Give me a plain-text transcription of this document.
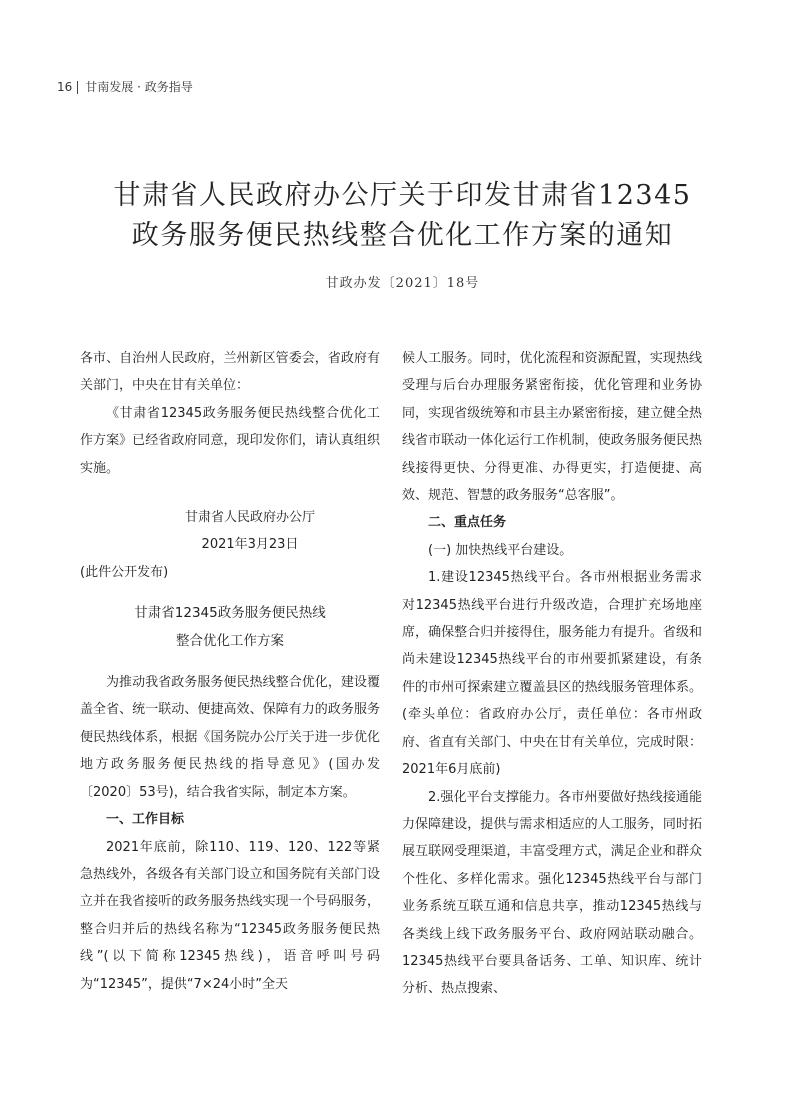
16 甘南发展 · 政务指导
甘肃省人民政府办公厅关于印发甘肃省12345
政务服务便民热线整合优化工作方案的通知
甘政办发〔2021〕18号

各市、自治州人民政府，兰州新区管委会，省政府有关部门，中央在甘有关单位：

《甘肃省12345政务服务便民热线整合优化工作方案》已经省政府同意，现印发你们，请认真组织实施。

甘肃省人民政府办公厅

2021年3月23日

(此件公开发布)

甘肃省12345政务服务便民热线

整合优化工作方案

为推动我省政务服务便民热线整合优化，建设覆盖全省、统一联动、便捷高效、保障有力的政务服务便民热线体系，根据《国务院办公厅关于进一步优化地方政务服务便民热线的指导意见》(国办发〔2020〕53号)，结合我省实际，制定本方案。

一、工作目标

2021年底前，除110、119、120、122等紧急热线外，各级各有关部门设立和国务院有关部门设立并在我省接听的政务服务热线实现一个号码服务，整合归并后的热线名称为“12345政务服务便民热线”(以下简称12345热线)，语音呼叫号码为“12345”，提供“7×24小时”全天

候人工服务。同时，优化流程和资源配置，实现热线受理与后台办理服务紧密衔接，优化管理和业务协同，实现省级统筹和市县主办紧密衔接，建立健全热线省市联动一体化运行工作机制，使政务服务便民热线接得更快、分得更准、办得更实，打造便捷、高效、规范、智慧的政务服务“总客服”。

二、重点任务

(一) 加快热线平台建设。

1.建设12345热线平台。各市州根据业务需求对12345热线平台进行升级改造，合理扩充场地座席，确保整合归并接得住，服务能力有提升。省级和尚未建设12345热线平台的市州要抓紧建设，有条件的市州可探索建立覆盖县区的热线服务管理体系。(牵头单位：省政府办公厅，责任单位：各市州政府、省直有关部门、中央在甘有关单位，完成时限：2021年6月底前)

2.强化平台支撑能力。各市州要做好热线接通能力保障建设，提供与需求相适应的人工服务，同时拓展互联网受理渠道，丰富受理方式，满足企业和群众个性化、多样化需求。强化12345热线平台与部门业务系统互联互通和信息共享，推动12345热线与各类线上线下政务服务平台、政府网站联动融合。12345热线平台要具备话务、工单、知识库、统计分析、热点搜索、
